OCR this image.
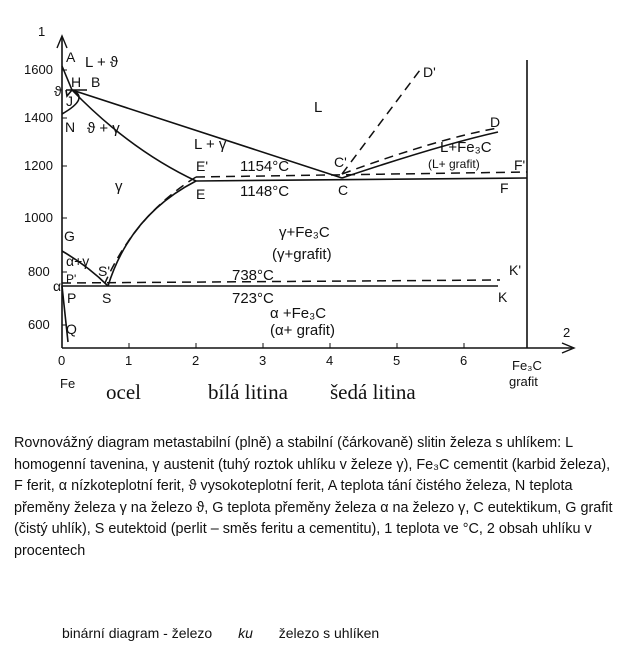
1
2
1600
1400
1200
1000
800
600
0	1	2	3	4	5	6
Fe
Fe₃C
grafit
A
H B
ϑ
J
N
G
P'
α
P
Q
S'
S
E'
E
C'
C
D'
D
F'
F
K'
K
L + ϑ
ϑ + γ
L
L + γ
γ
α+γ
γ+Fe₃C
(γ+grafit)
L+Fe₃C
(L+ grafit)
α +Fe₃C
(α+ grafit)
1154°C
1148°C
738°C
723°C
ocel	bílá litina šedá litina

Rovnovážný diagram metastabilní (plně) a stabilní (čárkovaně) slitin železa s uhlíkem: L homogenní tavenina, γ austenit (tuhý roztok uhlíku v železe γ), Fe₃C cementit (karbid železa), F ferit, α nízkoteplotní ferit, ϑ vysokoteplotní ferit, A teplota tání čistého železa, N teplota přeměny železa γ na železo ϑ, G teplota přeměny železa α na železo γ, C eutektikum, G grafit (čistý uhlík), S eutektoid (perlit – směs feritu a cementitu), 1 teplota ve °C, 2 obsah uhlíku v procentech

binární diagram - železo ku železo s uhlíken
